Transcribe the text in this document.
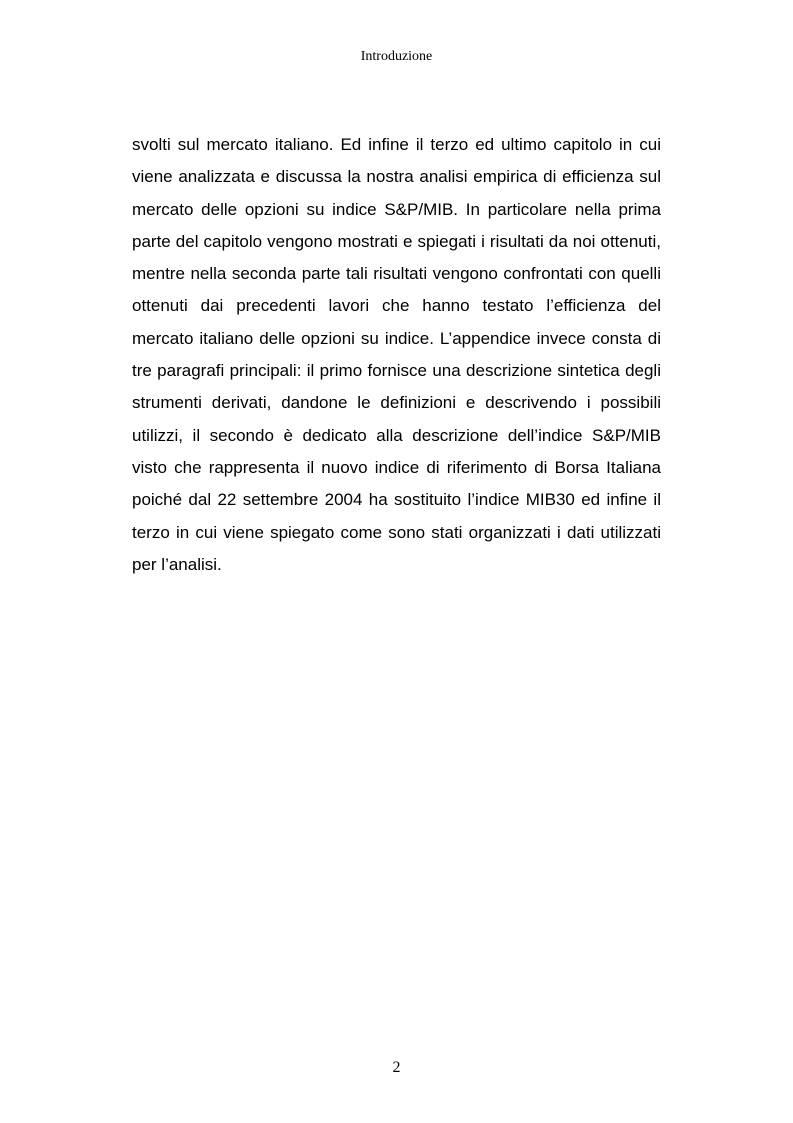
Introduzione

svolti sul mercato italiano. Ed infine il terzo ed ultimo capitolo in cui viene analizzata e discussa la nostra analisi empirica di efficienza sul mercato delle opzioni su indice S&P/MIB. In particolare nella prima parte del capitolo vengono mostrati e spiegati i risultati da noi ottenuti, mentre nella seconda parte tali risultati vengono confrontati con quelli ottenuti dai precedenti lavori che hanno testato l’efficienza del mercato italiano delle opzioni su indice. L’appendice invece consta di tre paragrafi principali: il primo fornisce una descrizione sintetica degli strumenti derivati, dandone le definizioni e descrivendo i possibili utilizzi, il secondo è dedicato alla descrizione dell’indice S&P/MIB visto che rappresenta il nuovo indice di riferimento di Borsa Italiana poiché dal 22 settembre 2004 ha sostituito l’indice MIB30 ed infine il terzo in cui viene spiegato come sono stati organizzati i dati utilizzati per l’analisi.

2
